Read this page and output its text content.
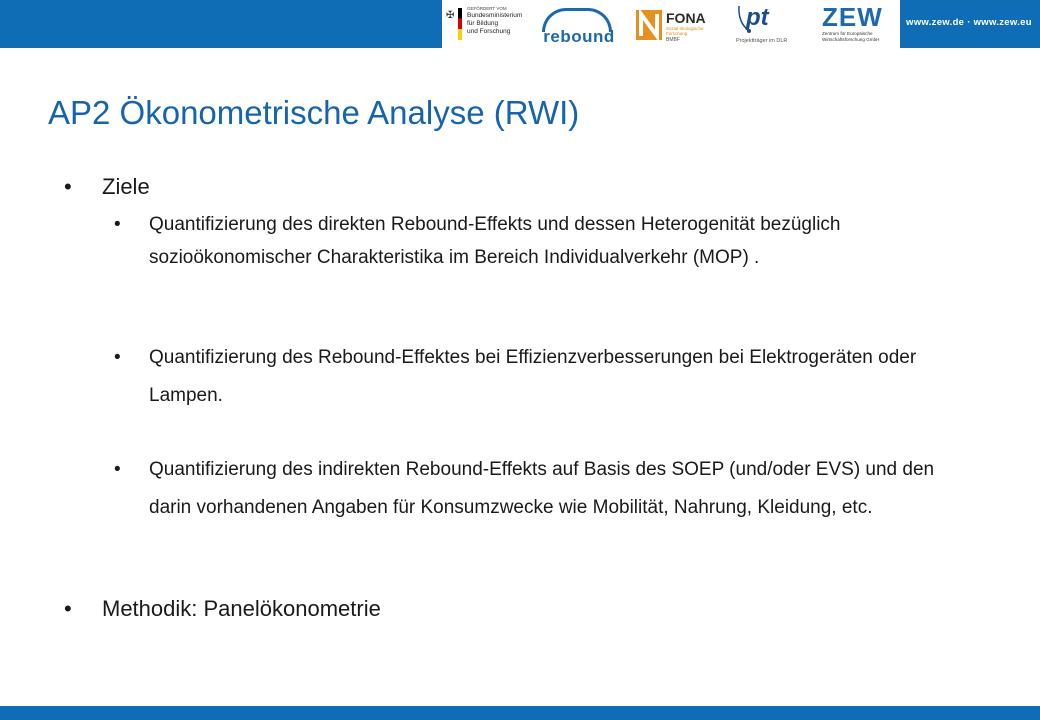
✠
GEFÖRDERT VOM
Bundesministerium
für Bildung
und Forschung	rebound
FONA
Sozial-ökologische Forschung
BMBF
pt
Projektträger im DLR
ZEW
Zentrum für Europäische Wirtschaftsforschung GmbH
www.zew.de · www.zew.eu
AP2 Ökonometrische Analyse (RWI)
• Ziele
• Quantifizierung des direkten Rebound-Effekts und dessen Heterogenität bezüglich sozioökonomischer Charakteristika im Bereich Individualverkehr (MOP) .
• Quantifizierung des Rebound-Effektes bei Effizienzverbesserungen bei Elektrogeräten oder Lampen.
• Quantifizierung des indirekten Rebound-Effekts auf Basis des SOEP (und/oder EVS) und den darin vorhandenen Angaben für Konsumzwecke wie Mobilität, Nahrung, Kleidung, etc.
• Methodik: Panelökonometrie
